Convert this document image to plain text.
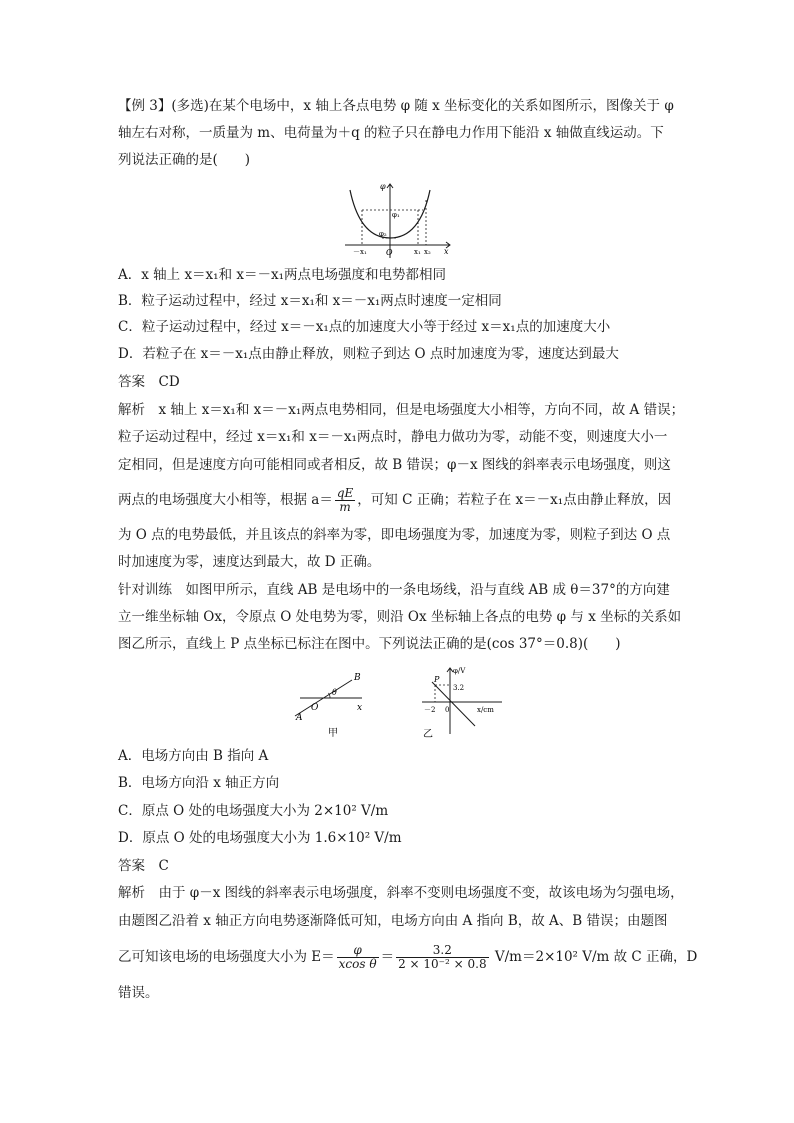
【例 3】(多选)在某个电场中，x 轴上各点电势 φ 随 x 坐标变化的关系如图所示，图像关于 φ
轴左右对称，一质量为 m、电荷量为＋q 的粒子只在静电力作用下能沿 x 轴做直线运动。下
列说法正确的是(　　)
φ
φ₁
φ₂
O
－x₁	x₁ x₂ x
A．x 轴上 x＝x₁和 x＝－x₁两点电场强度和电势都相同
B．粒子运动过程中，经过 x＝x₁和 x＝－x₁两点时速度一定相同
C．粒子运动过程中，经过 x＝－x₁点的加速度大小等于经过 x＝x₁点的加速度大小
D．若粒子在 x＝－x₁点由静止释放，则粒子到达 O 点时加速度为零，速度达到最大
答案　CD
解析　x 轴上 x＝x₁和 x＝－x₁两点电势相同，但是电场强度大小相等，方向不同，故 A 错误；
粒子运动过程中，经过 x＝x₁和 x＝－x₁两点时，静电力做功为零，动能不变，则速度大小一
定相同，但是速度方向可能相同或者相反，故 B 错误；φ－x 图线的斜率表示电场强度，则这
两点的电场强度大小相等，根据 $a= \frac{qE}{m}$ ，可知 C 正确；若粒子在 x＝－x₁点由静止释放，因
为 O 点的电势最低，并且该点的斜率为零，即电场强度为零，加速度为零，则粒子到达 O 点
时加速度为零，速度达到最大，故 D 正确。
针对训练　如图甲所示，直线 AB 是电场中的一条电场线，沿与直线 AB 成 θ＝37°的方向建
立一维坐标轴 Ox，令原点 O 处电势为零，则沿 Ox 坐标轴上各点的电势 φ 与 x 坐标的关系如
图乙所示，直线上 P 点坐标已标注在图中。下列说法正确的是(cos 37°＝0.8)(　　)
B
A
O
θ
x
甲
φ/V
P
3.2
－2 0	x/cm
乙
A．电场方向由 B 指向 A
B．电场方向沿 x 轴正方向
C．原点 O 处的电场强度大小为 2×10² V/m
D．原点 O 处的电场强度大小为 1.6×10² V/m
答案　C
解析　由于 φ－x 图线的斜率表示电场强度，斜率不变则电场强度不变，故该电场为匀强电场，
由题图乙沿着 x 轴正方向电势逐渐降低可知，电场方向由 A 指向 B，故 A、B 错误；由题图
乙可知该电场的电场强度大小为 $E= \frac{\varphi}{\text{xcos θ}} = \frac{3.2}{\text{2 × 10⁻² × 0.8}} V/m=2\times 10^2$ V/m 故 C 正确，D
错误。
